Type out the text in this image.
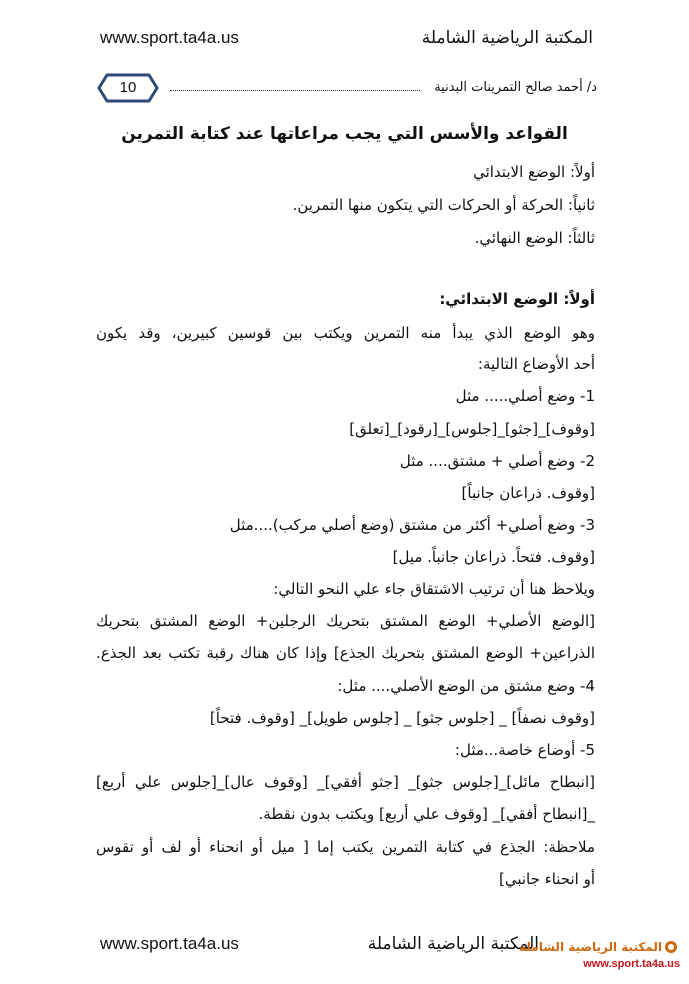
www.sport.ta4a.us	المكتبة الرياضية الشاملة
10	د/ أحمد صالح التمرينات البدنية
القواعد والأسس التي يجب مراعاتها عند كتابة التمرين
أولاً: الوضع الابتدائي
ثانياً: الحركة أو الحركات التي يتكون منها التمرين.
ثالثاً: الوضع النهائي.
أولاً: الوضع الابتدائي:
وهو الوضع الذي يبدأ منه التمرين ويكتب بين قوسين كبيرين، وقد يكون
أحد الأوضاع التالية:
1- وضع أصلي..... مثل
[وقوف]_[جثو]_[جلوس]_[رقود]_[تعلق]
2- وضع أصلي + مشتق.... مثل
[وقوف. ذراعان جانباً]
3- وضع أصلي+ أكثر من مشتق (وضع أصلي مركب)....مثل
[وقوف. فتحاً. ذراعان جانباً. ميل]
ويلاحظ هنا أن ترتيب الاشتقاق جاء علي النحو التالي:
[الوضع الأصلي+ الوضع المشتق بتحريك الرجلين+ الوضع المشتق بتحريك
الذراعين+ الوضع المشتق بتحريك الجذع] وإذا كان هناك رقبة تكتب بعد الجذع.
4- وضع مشتق من الوضع الأصلي.... مثل:
[وقوف نصفاً] _ [جلوس جثو] _ [جلوس طويل]_ [وقوف. فتحاً]
5- أوضاع خاصة...مثل:
[انبطاح مائل]_[جلوس جثو]_ [جثو أفقي]_ [وقوف عال]_[جلوس علي أربع]
_[انبطاح أفقي]_ [وقوف علي أربع] ويكتب بدون نقطة.
ملاحظة: الجذع في كتابة التمرين يكتب إما [ ميل أو انحناء أو لف أو تقوس
أو انحناء جانبي]
www.sport.ta4a.us	المكتبة الرياضية الشاملة
المكتبة الرياضية الشاملة
www.sport.ta4a.us
